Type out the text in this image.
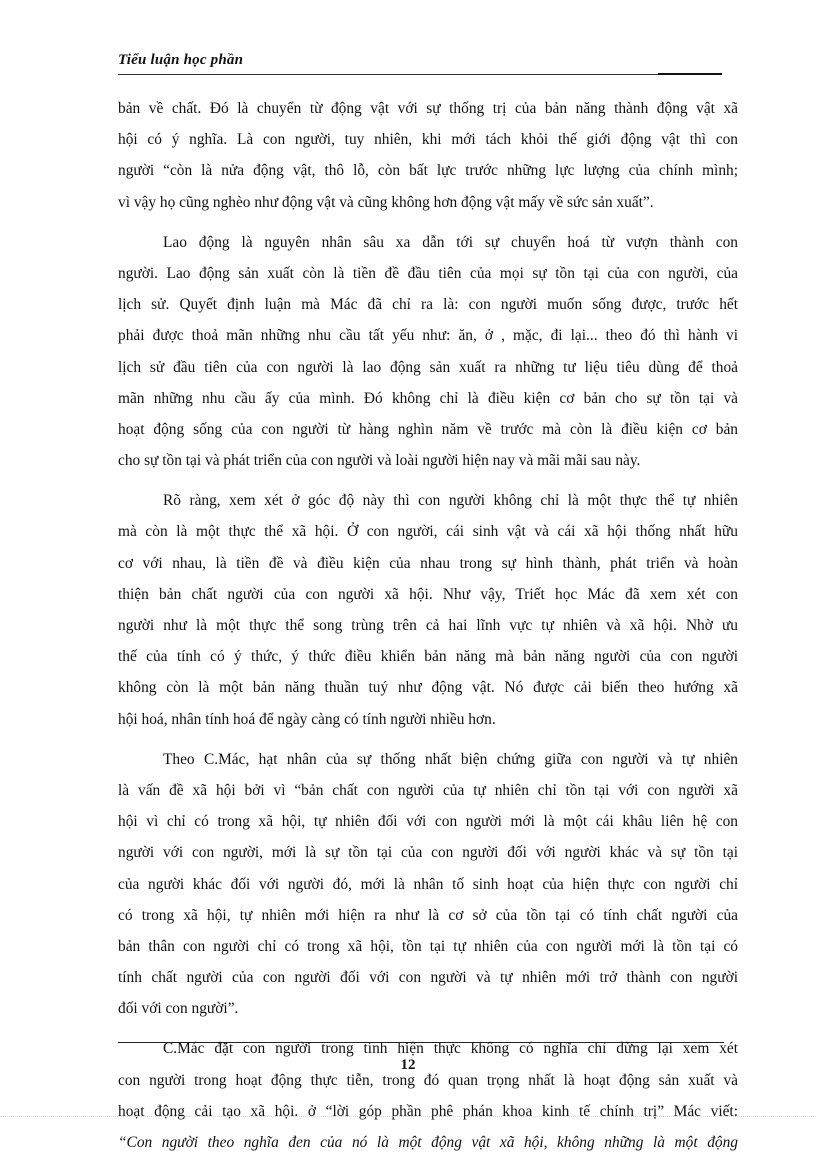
Tiểu luận học phần
bản về chất. Đó là chuyển từ động vật với sự thống trị của bản năng thành động vật xã
hội có ý nghĩa. Là con người, tuy nhiên, khi mới tách khỏi thế giới động vật thì con
người “còn là nửa động vật, thô lỗ, còn bất lực trước những lực lượng của chính mình;
vì vậy họ cũng nghèo như động vật và cũng không hơn động vật mấy về sức sản xuất”.
Lao động là nguyên nhân sâu xa dẫn tới sự chuyển hoá từ vượn thành con
người. Lao động sản xuất còn là tiền đề đầu tiên của mọi sự tồn tại của con người, của
lịch sử. Quyết định luận mà Mác đã chỉ ra là: con người muốn sống được, trước hết
phải được thoả mãn những nhu cầu tất yếu như: ăn, ở , mặc, đi lại... theo đó thì hành vi
lịch sử đầu tiên của con người là lao động sản xuất ra những tư liệu tiêu dùng để thoả
mãn những nhu cầu ấy của mình. Đó không chỉ là điều kiện cơ bản cho sự tồn tại và
hoạt động sống của con người từ hàng nghìn năm về trước mà còn là điều kiện cơ bản
cho sự tồn tại và phát triển của con người và loài người hiện nay và mãi mãi sau này.
Rõ ràng, xem xét ở góc độ này thì con người không chỉ là một thực thể tự nhiên
mà còn là một thực thể xã hội. Ở con người, cái sinh vật và cái xã hội thống nhất hữu
cơ với nhau, là tiền đề và điều kiện của nhau trong sự hình thành, phát triển và hoàn
thiện bản chất người của con người xã hội. Như vậy, Triết học Mác đã xem xét con
người như là một thực thể song trùng trên cả hai lĩnh vực tự nhiên và xã hội. Nhờ ưu
thế của tính có ý thức, ý thức điều khiển bản năng mà bản năng người của con người
không còn là một bản năng thuần tuý như động vật. Nó được cải biến theo hướng xã
hội hoá, nhân tính hoá để ngày càng có tính người nhiều hơn.
Theo C.Mác, hạt nhân của sự thống nhất biện chứng giữa con người và tự nhiên
là vấn đề xã hội bởi vì “bản chất con người của tự nhiên chỉ tồn tại với con người xã
hội vì chỉ có trong xã hội, tự nhiên đối với con người mới là một cái khâu liên hệ con
người với con người, mới là sự tồn tại của con người đối với người khác và sự tồn tại
của người khác đối với người đó, mới là nhân tố sinh hoạt của hiện thực con người chỉ
có trong xã hội, tự nhiên mới hiện ra như là cơ sở của tồn tại có tính chất người của
bản thân con người chỉ có trong xã hội, tồn tại tự nhiên của con người mới là tồn tại có
tính chất người của con người đối với con người và tự nhiên mới trở thành con người
đối với con người”.
C.Mác đặt con người trong tính hiện thực không có nghĩa chỉ dừng lại xem xét
con người trong hoạt động thực tiễn, trong đó quan trọng nhất là hoạt động sản xuất và
hoạt động cải tạo xã hội. ở “lời góp phần phê phán khoa kinh tế chính trị” Mác viết:
“Con người theo nghĩa đen của nó là một động vật xã hội, không những là một động
12
